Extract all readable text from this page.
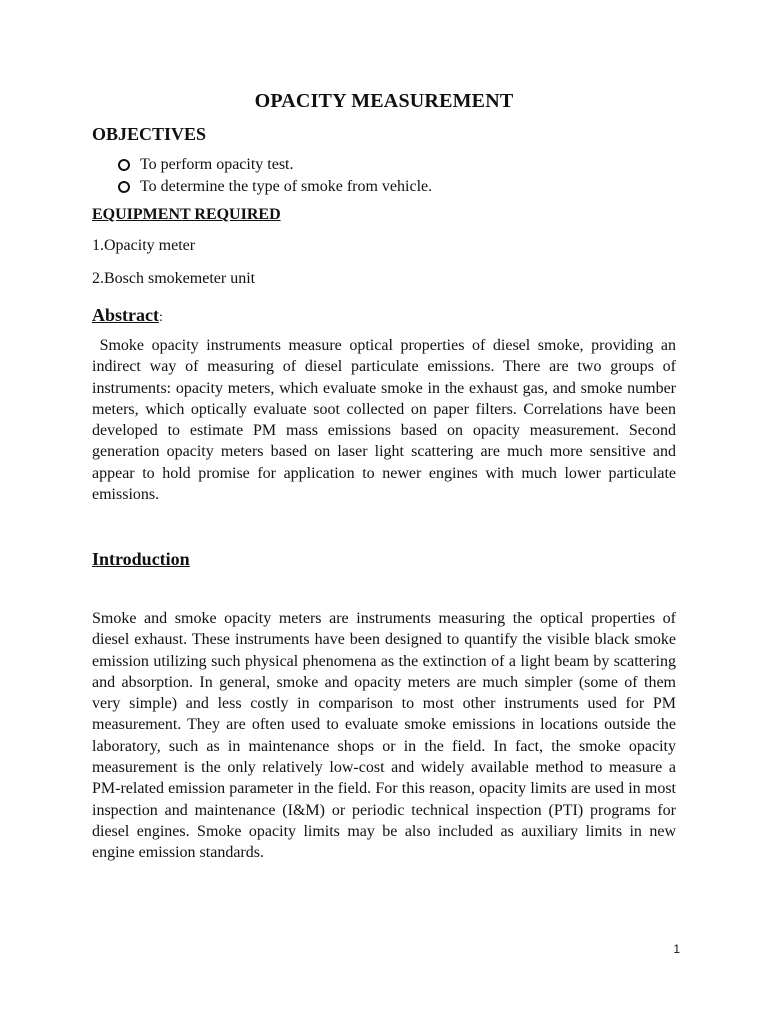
OPACITY MEASUREMENT
OBJECTIVES
To perform opacity test.
To determine the type of smoke from vehicle.
EQUIPMENT REQUIRED
1.Opacity meter
2.Bosch smokemeter unit
Abstract:

Smoke opacity instruments measure optical properties of diesel smoke, providing an indirect way of measuring of diesel particulate emissions. There are two groups of instruments: opacity meters, which evaluate smoke in the exhaust gas, and smoke number meters, which optically evaluate soot collected on paper filters. Correlations have been developed to estimate PM mass emissions based on opacity measurement. Second generation opacity meters based on laser light scattering are much more sensitive and appear to hold promise for application to newer engines with much lower particulate emissions.

Introduction

Smoke and smoke opacity meters are instruments measuring the optical properties of diesel exhaust. These instruments have been designed to quantify the visible black smoke emission utilizing such physical phenomena as the extinction of a light beam by scattering and absorption. In general, smoke and opacity meters are much simpler (some of them very simple) and less costly in comparison to most other instruments used for PM measurement. They are often used to evaluate smoke emissions in locations outside the laboratory, such as in maintenance shops or in the field. In fact, the smoke opacity measurement is the only relatively low-cost and widely available method to measure a PM-related emission parameter in the field. For this reason, opacity limits are used in most inspection and maintenance (I&M) or periodic technical inspection (PTI) programs for diesel engines. Smoke opacity limits may be also included as auxiliary limits in new engine emission standards.

1
